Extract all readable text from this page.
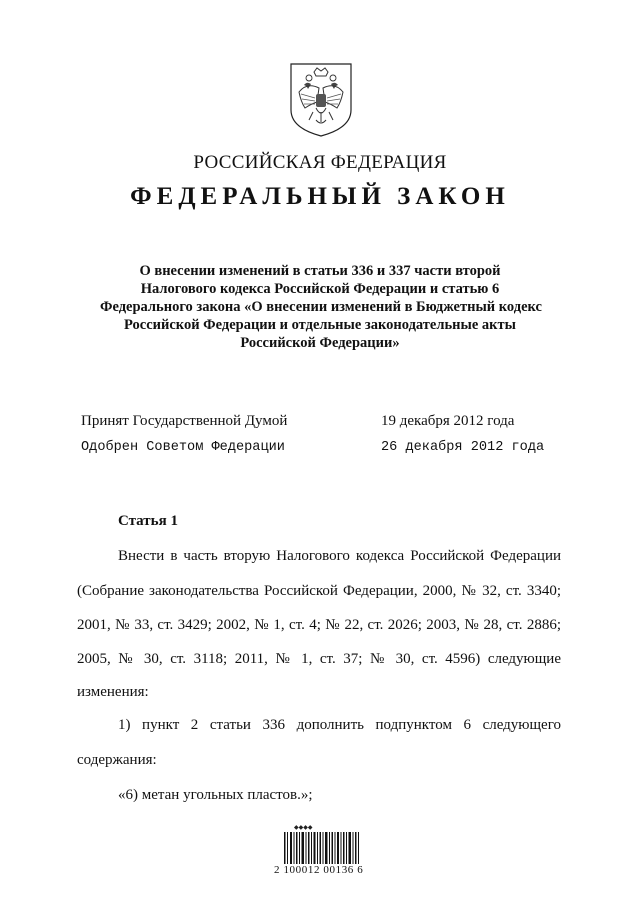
РОССИЙСКАЯ ФЕДЕРАЦИЯ
ФЕДЕРАЛЬНЫЙ ЗАКОН
О внесении изменений в статьи 336 и 337 части второй
Налогового кодекса Российской Федерации и статью 6
Федерального закона «О внесении изменений в Бюджетный кодекс
Российской Федерации и отдельные законодательные акты
Российской Федерации»
Принят Государственной Думой	19 декабря 2012 года
Одобрен Советом Федерации	26 декабря 2012 года
Статья 1
Внести в часть вторую Налогового кодекса Российской Федерации
(Собрание законодательства Российской Федерации, 2000, № 32, ст. 3340;
2001, № 33, ст. 3429; 2002, № 1, ст. 4; № 22, ст. 2026; 2003, № 28, ст. 2886;
2005, № 30, ст. 3118; 2011, № 1, ст. 37; № 30, ст. 4596) следующие
изменения:
1) пункт 2 статьи 336 дополнить подпунктом 6 следующего
содержания:
«6) метан угольных пластов.»;
◆◆◆◆
2 100012 00136 6
